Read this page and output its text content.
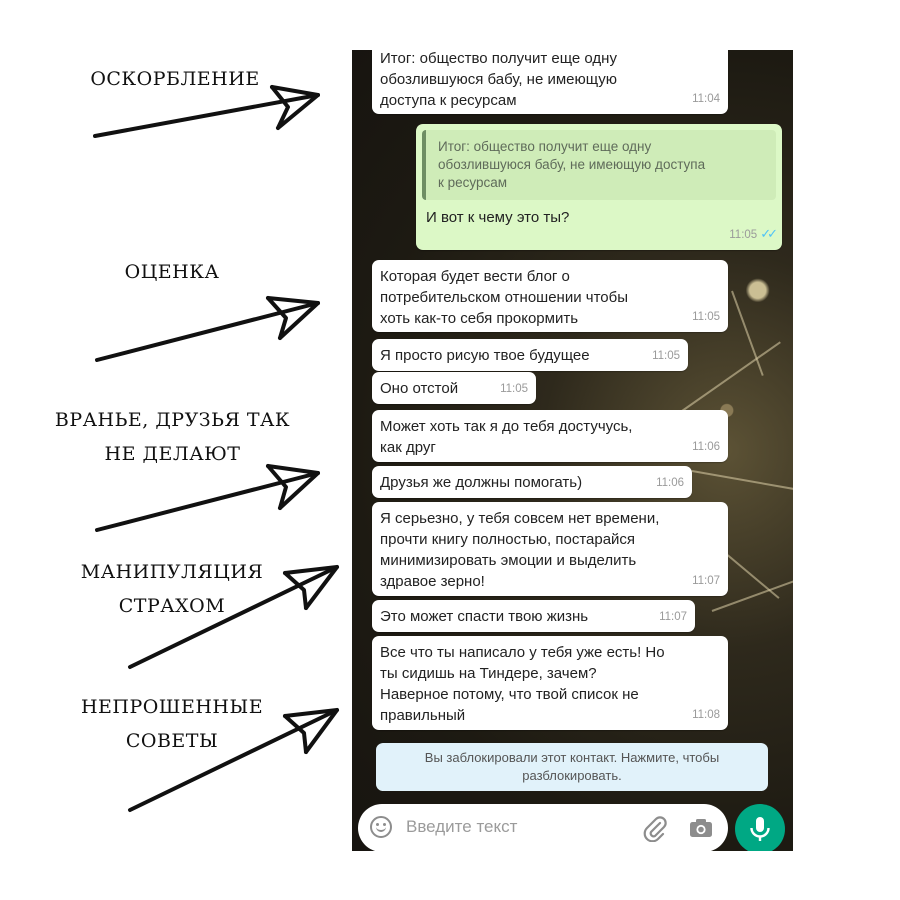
ОСКОРБЛЕНИЕ
ОЦЕНКА
ВРАНЬЕ, ДРУЗЬЯ ТАК
НЕ ДЕЛАЮТ
МАНИПУЛЯЦИЯ
СТРАХОМ
НЕПРОШЕННЫЕ
СОВЕТЫ
Итог: общество получит еще одну
обозлившуюся бабу, не имеющую
доступа к ресурсам	11:04
Итог: общество получит еще одну
обозлившуюся бабу, не имеющую доступа
к ресурсам
И вот к чему это ты?
11:05 ✓✓
Которая будет вести блог о
потребительском отношении чтобы
хоть как-то себя прокормить	11:05
Я просто рисую твое будущее	11:05
Оно отстой	11:05
Может хоть так я до тебя достучусь,
как друг	11:06
Друзья же должны помогать)	11:06
Я серьезно, у тебя совсем нет времени,
прочти книгу полностью, постарайся
минимизировать эмоции и выделить
здравое зерно!	11:07
Это может спасти твою жизнь	11:07
Все что ты написало у тебя уже есть! Но
ты сидишь на Тиндере, зачем?
Наверное потому, что твой список не
правильный	11:08
Вы заблокировали этот контакт. Нажмите, чтобы
разблокировать.
Введите текст
